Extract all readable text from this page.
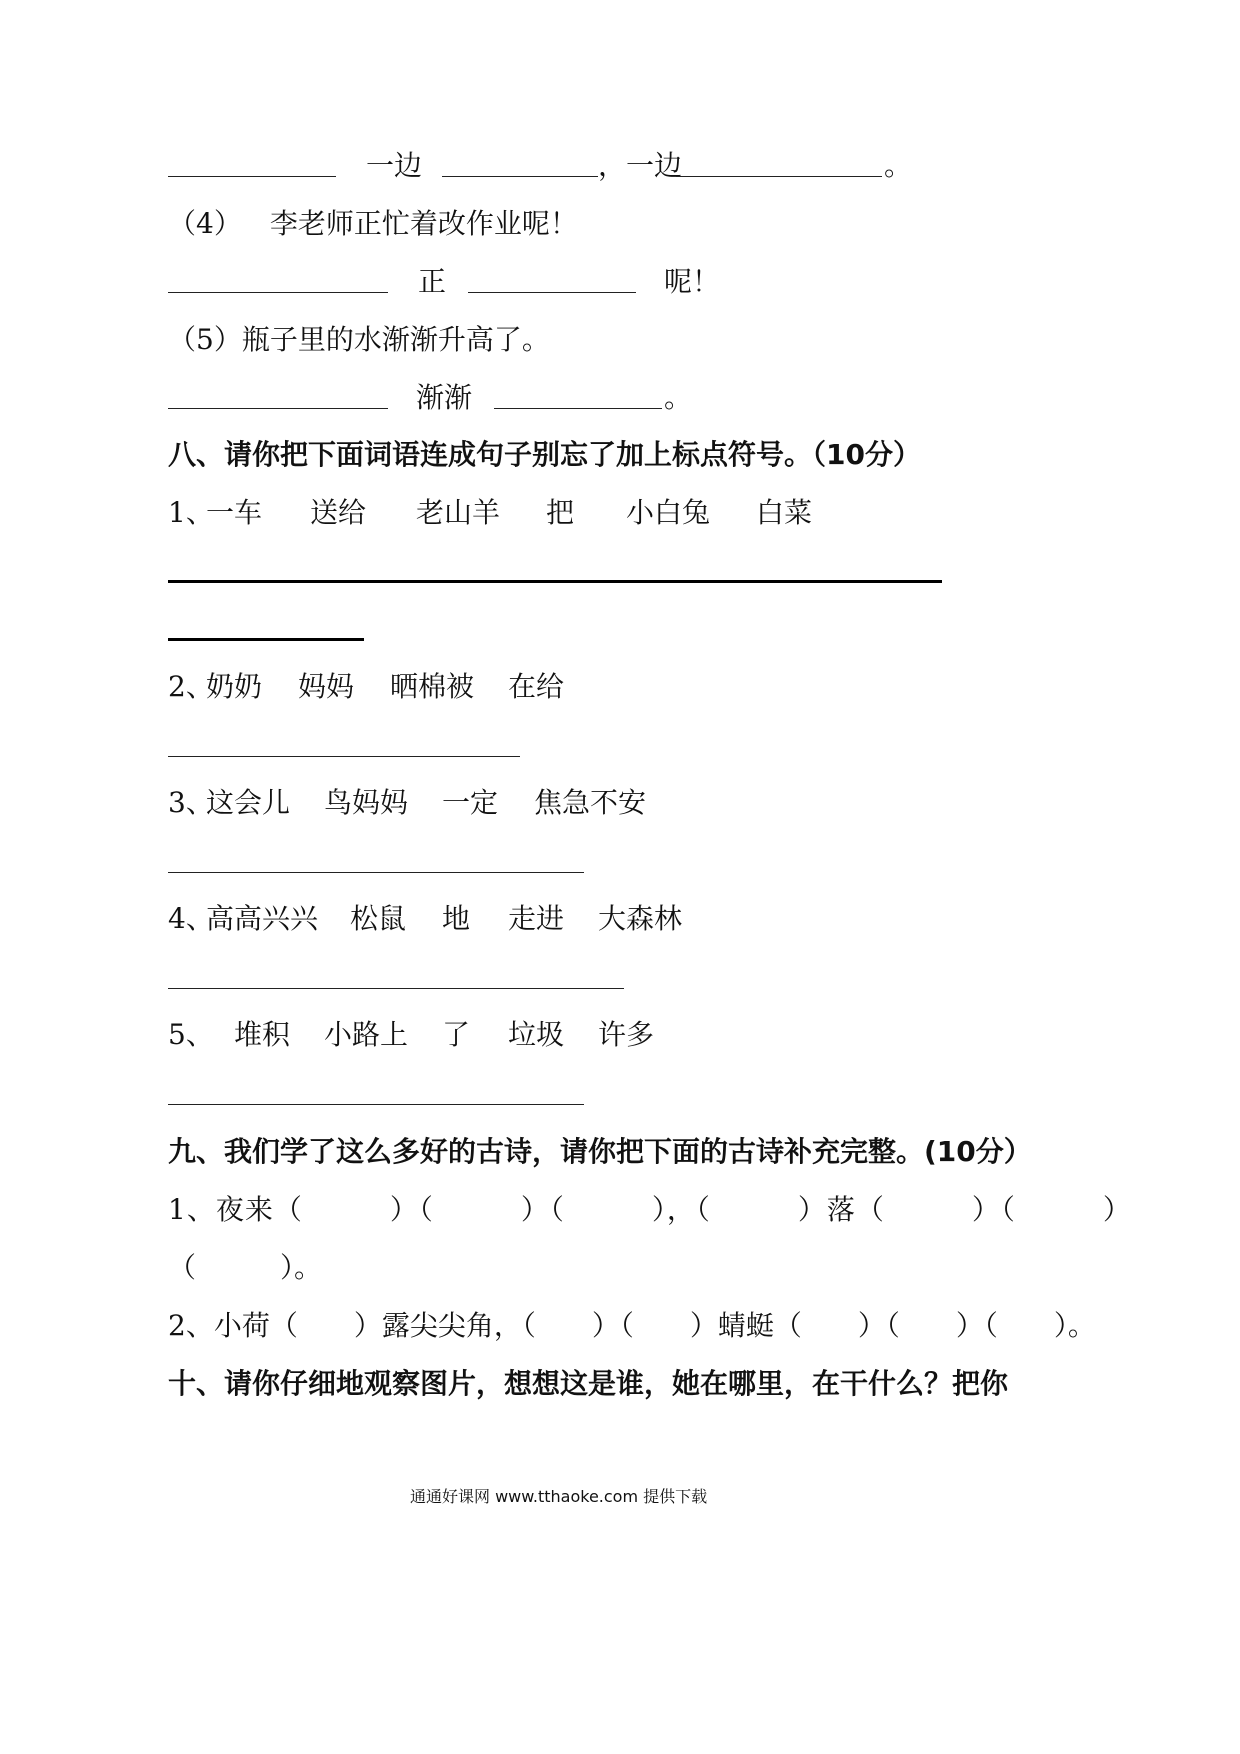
一边	，一边	。
（4） 李老师正忙着改作业呢！
正	呢！
（5）瓶子里的水渐渐升高了。
渐渐	。
八、请你把下面词语连成句子别忘了加上标点符号。（10分）
1、
一车 送给 老山羊 把 小白兔 白菜
2、
奶奶 妈妈 晒棉被 在给
3、
这会儿 鸟妈妈 一定 焦急不安
4、
高高兴兴 松鼠 地 走进 大森林
5、 堆积 小路上 了 垃圾 许多
九、我们学了这么多好的古诗，请你把下面的古诗补充完整。(10分）
1、夜来（　　　）（　　　）（　　　），（　　　）落（　　　）（　　　）
（　　　）。
2、小荷（　　）露尖尖角，（　　）（　　）蜻蜓（　　）（　　）（　　）。
十、请你仔细地观察图片，想想这是谁，她在哪里，在干什么？把你
通通好课网 www.tthaoke.com 提供下载
